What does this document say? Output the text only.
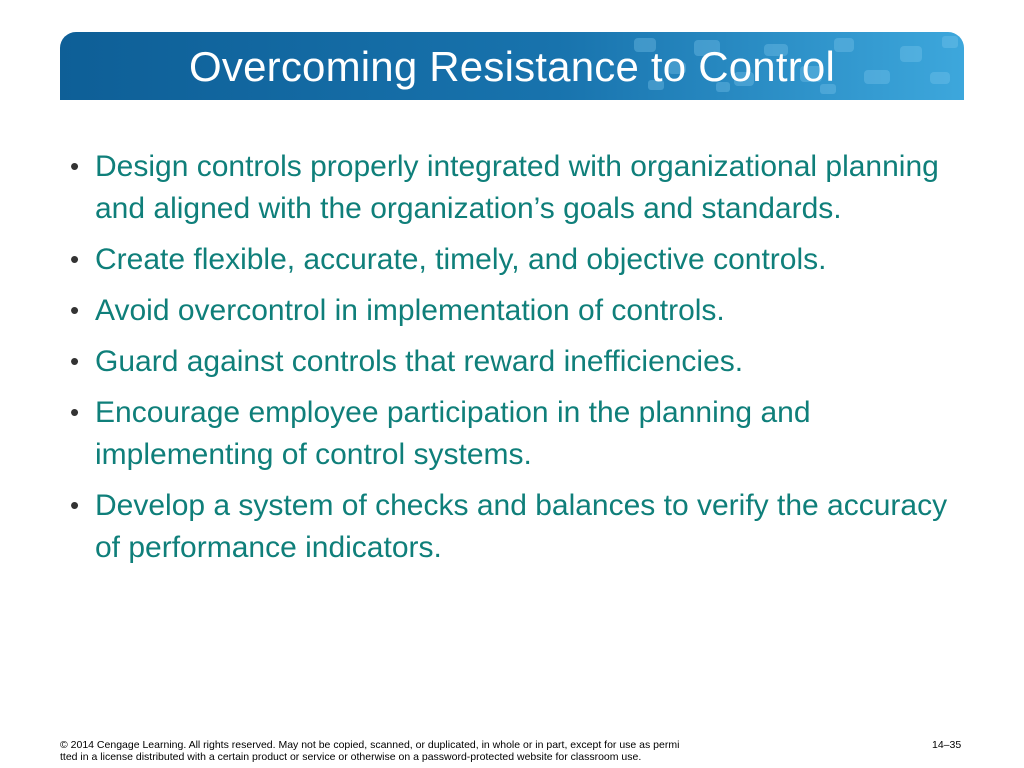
Overcoming Resistance to Control
• Design controls properly integrated with organizational planning and aligned with the organization’s goals and standards.
• Create flexible, accurate, timely, and objective controls.
• Avoid overcontrol in implementation of controls.
• Guard against controls that reward inefficiencies.
• Encourage employee participation in the planning and implementing of control systems.
• Develop a system of checks and balances to verify the accuracy of performance indicators.

© 2014 Cengage Learning. All rights reserved. May not be copied, scanned, or duplicated, in whole or in part, except for use as permi
tted in a license distributed with a certain product or service or otherwise on a password-protected website for classroom use.

14–35
